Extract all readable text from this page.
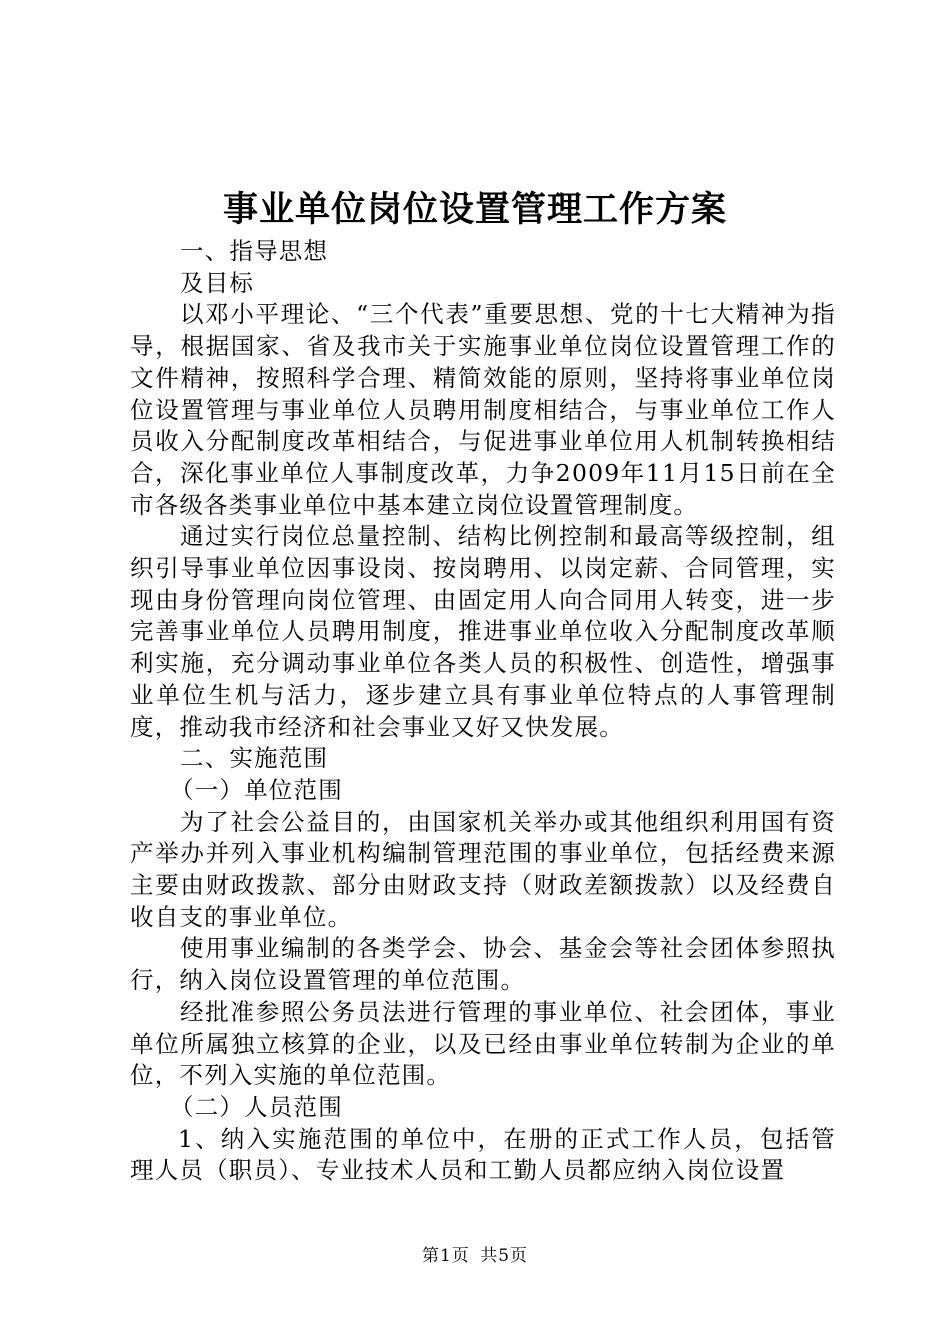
事业单位岗位设置管理工作方案

一、指导思想

及目标

以邓小平理论、“三个代表”重要思想、党的十七大精神为指导，根据国家、省及我市关于实施事业单位岗位设置管理工作的文件精神，按照科学合理、精简效能的原则，坚持将事业单位岗位设置管理与事业单位人员聘用制度相结合，与事业单位工作人员收入分配制度改革相结合，与促进事业单位用人机制转换相结合，深化事业单位人事制度改革，力争2009年11月15日前在全市各级各类事业单位中基本建立岗位设置管理制度。

通过实行岗位总量控制、结构比例控制和最高等级控制，组织引导事业单位因事设岗、按岗聘用、以岗定薪、合同管理，实现由身份管理向岗位管理、由固定用人向合同用人转变，进一步完善事业单位人员聘用制度，推进事业单位收入分配制度改革顺利实施，充分调动事业单位各类人员的积极性、创造性，增强事业单位生机与活力，逐步建立具有事业单位特点的人事管理制度，推动我市经济和社会事业又好又快发展。

二、实施范围

（一）单位范围

为了社会公益目的，由国家机关举办或其他组织利用国有资产举办并列入事业机构编制管理范围的事业单位，包括经费来源主要由财政拨款、部分由财政支持（财政差额拨款）以及经费自收自支的事业单位。

使用事业编制的各类学会、协会、基金会等社会团体参照执行，纳入岗位设置管理的单位范围。

经批准参照公务员法进行管理的事业单位、社会团体，事业单位所属独立核算的企业，以及已经由事业单位转制为企业的单位，不列入实施的单位范围。

（二）人员范围

1、纳入实施范围的单位中，在册的正式工作人员，包括管理人员（职员）、专业技术人员和工勤人员都应纳入岗位设置

第1页 共5页
